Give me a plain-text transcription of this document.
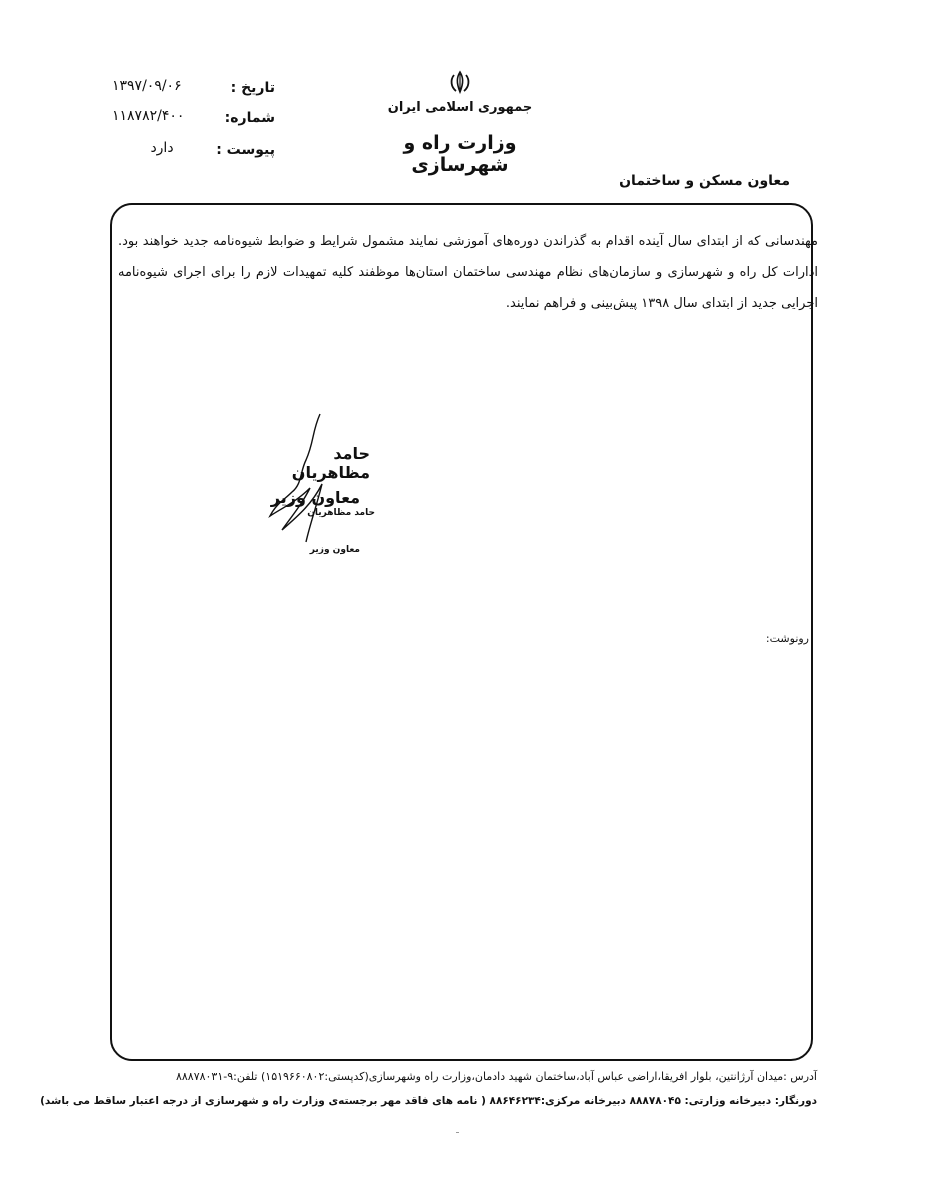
جمهوری اسلامی ایران
وزارت راه و شهرسازی
معاون مسکن و ساختمان
تاریخ :
۱۳۹۷/۰۹/۰۶
شماره:
۱۱۸۷۸۲/۴۰۰
پیوست :
دارد
مهندسانی که از ابتدای سال آینده اقدام به گذراندن دوره‌های آموزشی نمایند مشمول شرایط و ضوابط شیوه‌نامه جدید خواهند بود. ادارات کل راه و شهرسازی و سازمان‌های نظام مهندسی ساختمان استان‌ها موظفند کلیه تمهیدات لازم را برای اجرای شیوه‌نامه اجرایی جدید از ابتدای سال ۱۳۹۸ پیش‌بینی و فراهم نمایند.
حامد مظاهریان
معاون وزیر
حامد مظاهریان
معاون وزیر
رونوشت:
آدرس :میدان آرژانتین، بلوار افریقا،اراضی عباس آباد،ساختمان شهید دادمان،وزارت راه وشهرسازی(کدپستی:۱۵۱۹۶۶۰۸۰۲) تلفن:۹-۸۸۸۷۸۰۳۱
دورنگار: دبیرخانه وزارتی: ۸۸۸۷۸۰۴۵ دبیرخانه مرکزی:۸۸۶۴۶۲۳۴ ( نامه های فاقد مهر برجسته‌ی وزارت راه و شهرسازی از درجه اعتبار ساقط می باشد)
